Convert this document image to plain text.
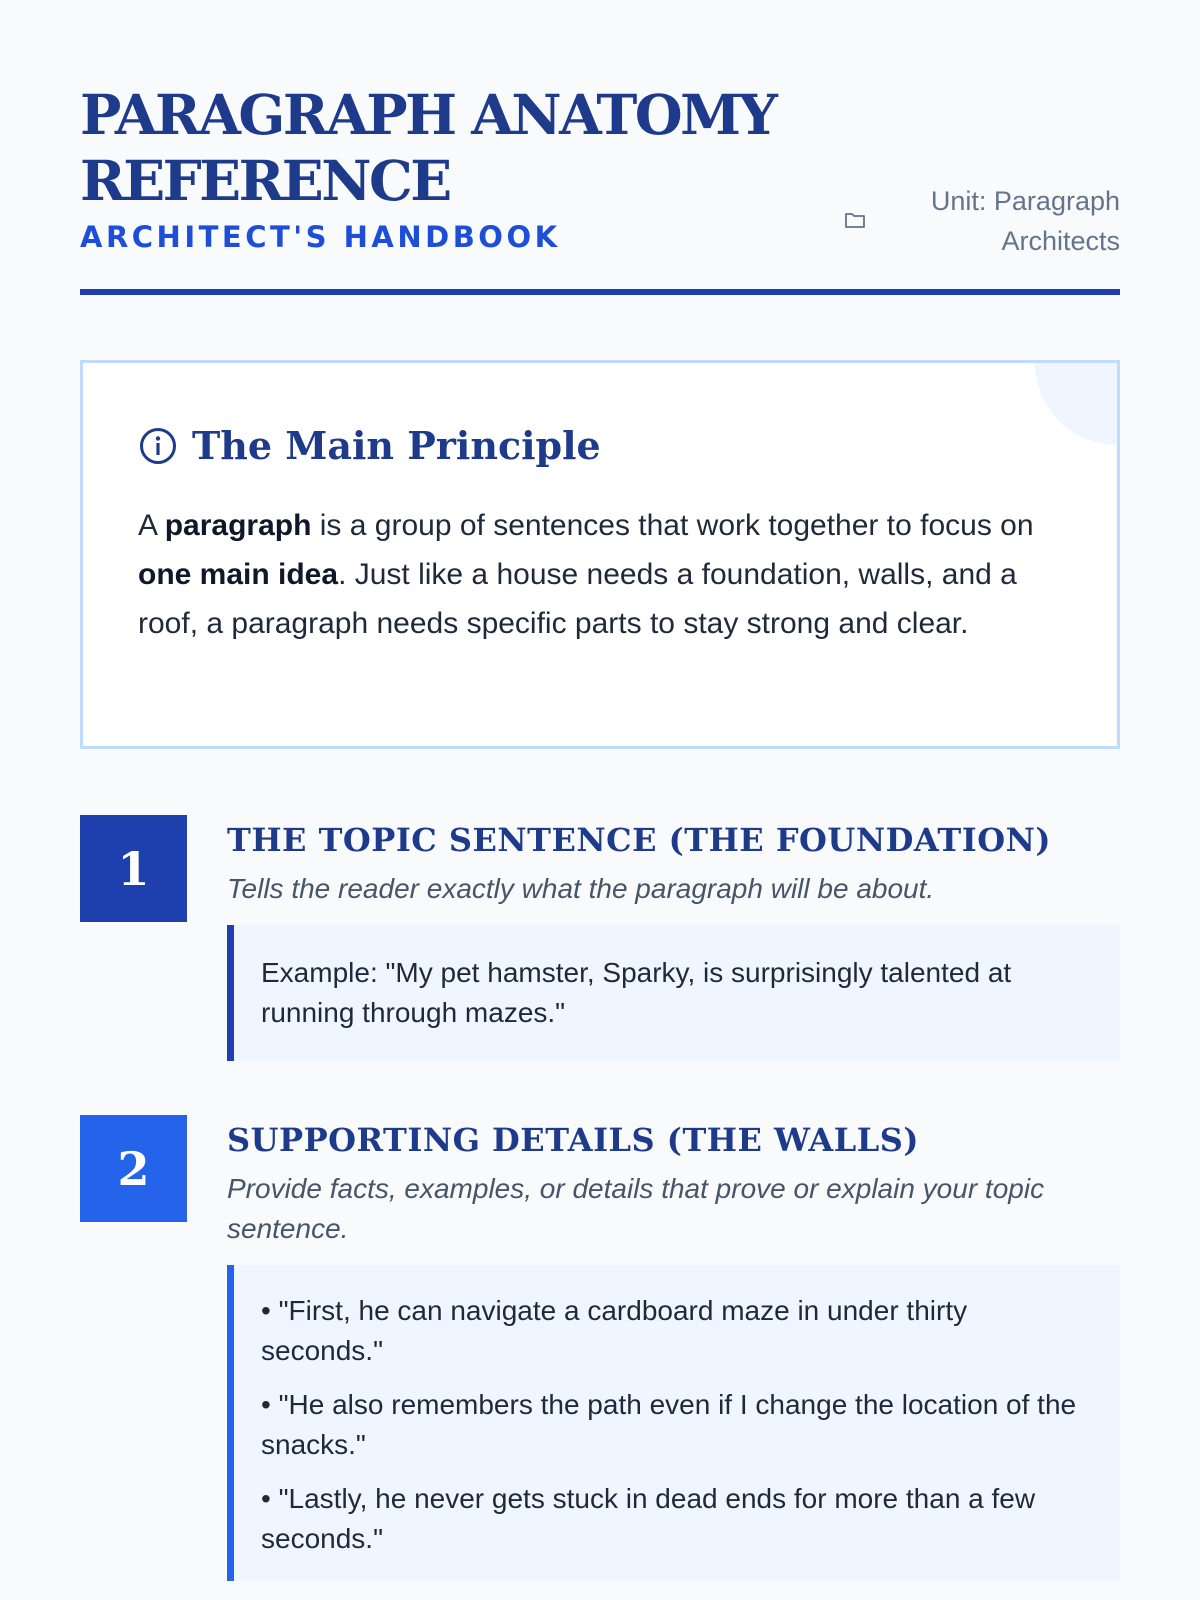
PARAGRAPH ANATOMY REFERENCE
ARCHITECT'S HANDBOOK
Unit: Paragraph Architects
The Main Principle

A paragraph is a group of sentences that work together to focus on one main idea. Just like a house needs a foundation, walls, and a roof, a paragraph needs specific parts to stay strong and clear.

1
THE TOPIC SENTENCE (THE FOUNDATION)

Tells the reader exactly what the paragraph will be about.

Example: "My pet hamster, Sparky, is surprisingly talented at running through mazes."

2
SUPPORTING DETAILS (THE WALLS)

Provide facts, examples, or details that prove or explain your topic sentence.

• "First, he can navigate a cardboard maze in under thirty seconds."

• "He also remembers the path even if I change the location of the snacks."

• "Lastly, he never gets stuck in dead ends for more than a few seconds."
